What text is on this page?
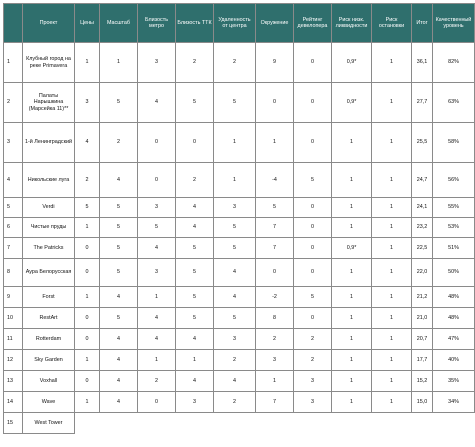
	Проект	Цены	Масштаб	Близость метро	Близость ТТК	Удаленность от центра	Окружение	Рейтинг девелопера	Риск низк. ликвидности	Риск остановки	Итог	Качественный уровень
1	Клубный город на реке Primavera	1	1	3	2	2	9	0	0,9*	1	36,1	82%
2	Палаты Нарышкина (Марсейка 11)**	3	5	4	5	5	0	0	0,9*	1	27,7	63%
3	1-й Ленинградский	4	2	0	0	1	1	0	1	1	25,5	58%
4	Никольские луга	2	4	0	2	1	-4	5	1	1	24,7	56%
5	Verdi	5	5	3	4	3	5	0	1	1	24,1	55%
6	Чистые пруды	1	5	5	4	5	7	0	1	1	23,2	53%
7	The Patricks	0	5	4	5	5	7	0	0,9*	1	22,5	51%
8	Аура Белорусская	0	5	3	5	4	0	0	1	1	22,0	50%
9	Forst	1	4	1	5	4	-2	5	1	1	21,2	48%
10	RestArt	0	5	4	5	5	8	0	1	1	21,0	48%
11	Rotterdam	0	4	4	4	3	2	2	1	1	20,7	47%
12	Sky Garden	1	4	1	1	2	3	2	1	1	17,7	40%
13	Voxhall	0	4	2	4	4	1	3	1	1	15,2	35%
14	Wave	1	4	0	3	2	7	3	1	1	15,0	34%
15	West Tower											
